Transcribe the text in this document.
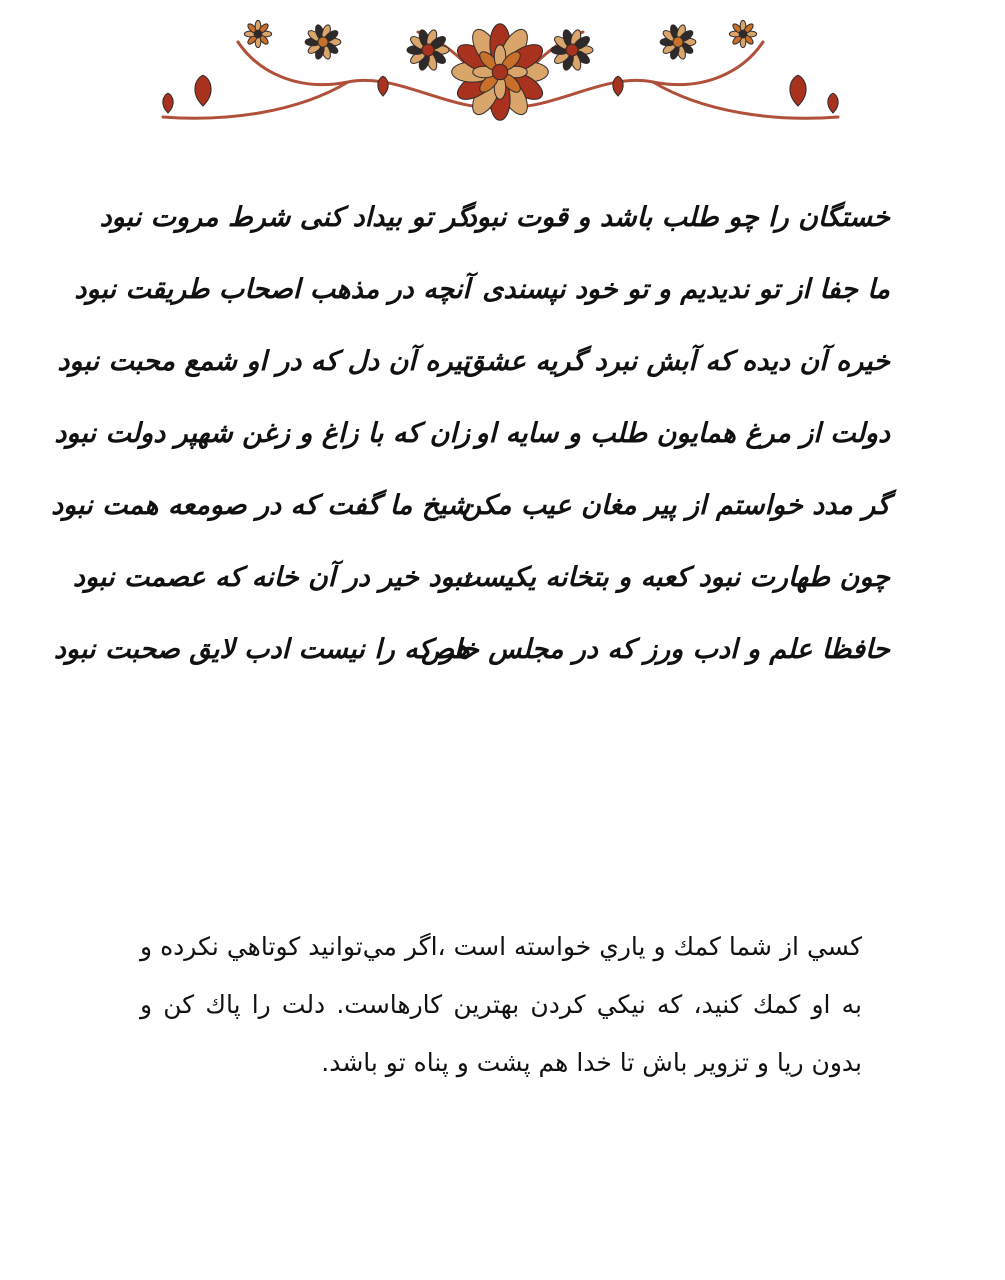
خستگان را چو طلب باشد و قوت نبود
گر تو بیداد کنی شرط مروت نبود
ما جفا از تو ندیدیم و تو خود نپسندی
آنچه در مذهب اصحاب طریقت نبود
خیره آن دیده که آبش نبرد گریه عشق
تیره آن دل که در او شمع محبت نبود
دولت از مرغ همایون طلب و سایه او
زان که با زاغ و زغن شهپر دولت نبود
گر مدد خواستم از پیر مغان عیب مکن
شیخ ما گفت که در صومعه همت نبود
چون طهارت نبود کعبه و بتخانه یکیست
نبود خیر در آن خانه که عصمت نبود
حافظا علم و ادب ورز که در مجلس خاص
هر که را نیست ادب لایق صحبت نبود

كسي از شما كمك و ياري خواسته است ،اگر مي‌توانيد كوتاهي نكرده و به او كمك كنيد، كه نيكي كردن بهترين كارهاست. دلت را پاك كن و بدون ريا و تزوير باش تا خدا هم پشت و پناه تو باشد.
